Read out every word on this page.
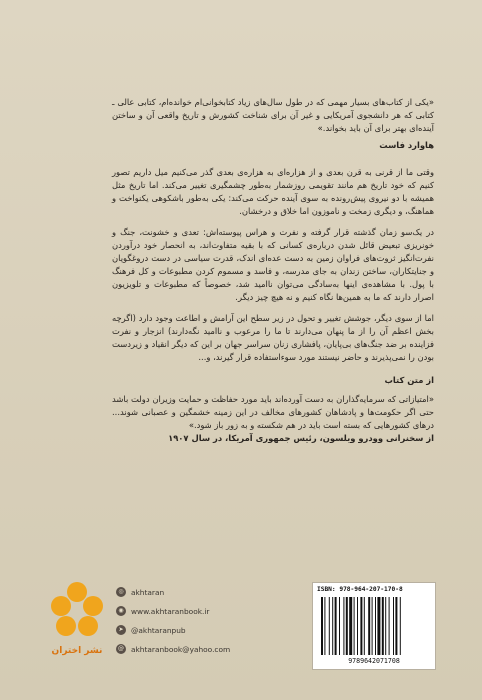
«یکی از کتاب‌های بسیار مهمی که در طول سال‌های زیاد کتابخوانی‌ام خوانده‌ام، کتابی عالی ـ کتابی که هر دانشجوی آمریکایی و غیر آن برای شناخت کشورش و تاریخ واقعی آن و ساختن آینده‌ای بهتر برای آن باید بخواند.»

هاوارد فاست

وقتی ما از قرنی به قرن بعدی و از هزاره‌ای به هزاره‌ی بعدی گذر می‌کنیم میل داریم تصور کنیم که خود تاریخ هم مانند تقویمی روزشمار به‌طور چشمگیری تغییر می‌کند. اما تاریخ مثل همیشه با دو نیروی پیش‌رونده به سوی آینده حرکت می‌کند: یکی به‌طور باشکوهی یکنواخت و هماهنگ، و دیگری زمخت و ناموزون اما خلاق و درخشان.

در یک‌سو زمان گذشته قرار گرفته و نفرت و هراس پیوسته‌اش: تعدی و خشونت، جنگ و خونریزی تبعیض قائل شدن درباره‌ی کسانی که با بقیه متفاوت‌اند، به انحصار خود درآوردن نفرت‌انگیز ثروت‌های فراوان زمین به دست عده‌ای اندک، قدرت سیاسی در دست دروغگویان و جنایتکاران، ساختن زندان به جای مدرسه، و فاسد و مسموم کردن مطبوعات و کل فرهنگ با پول. با مشاهده‌ی اینها به‌سادگی می‌توان ناامید شد، خصوصاً که مطبوعات و تلویزیون اصرار دارند که ما به همین‌ها نگاه کنیم و نه هیچ چیز دیگر.

اما از سوی دیگر، جوشش تغییر و تحول در زیر سطح این آرامش و اطاعت وجود دارد (اگرچه بخش اعظم آن را از ما پنهان می‌دارند تا ما را مرعوب و ناامید نگه‌دارند) انزجار و نفرت فزاینده بر ضد جنگ‌های بی‌پایان، پافشاری زنان سراسر جهان بر این که دیگر انقیاد و زیردست بودن را نمی‌پذیرند و حاضر نیستند مورد سوءاستفاده قرار گیرند، و...

از متن کتاب

«امتیازاتی که سرمایه‌گذاران به دست آورده‌اند باید مورد حفاظت و حمایت وزیران دولت باشد حتی اگر حکومت‌ها و پادشاهان کشورهای مخالف در این زمینه خشمگین و عصبانی شوند... درهای کشورهایی که بسته است باید در هم شکسته و به زور باز شود.»

از سخنرانی وودرو ویلسون، رئیس جمهوری آمریکا، در سال ۱۹۰۷

نشر اختران
◎ akhtaran
◉ www.akhtaranbook.ir
➤	@akhtaranpub
@ akhtaranbook@yahoo.com
ISBN: 978-964-207-170-8
9789642071708
